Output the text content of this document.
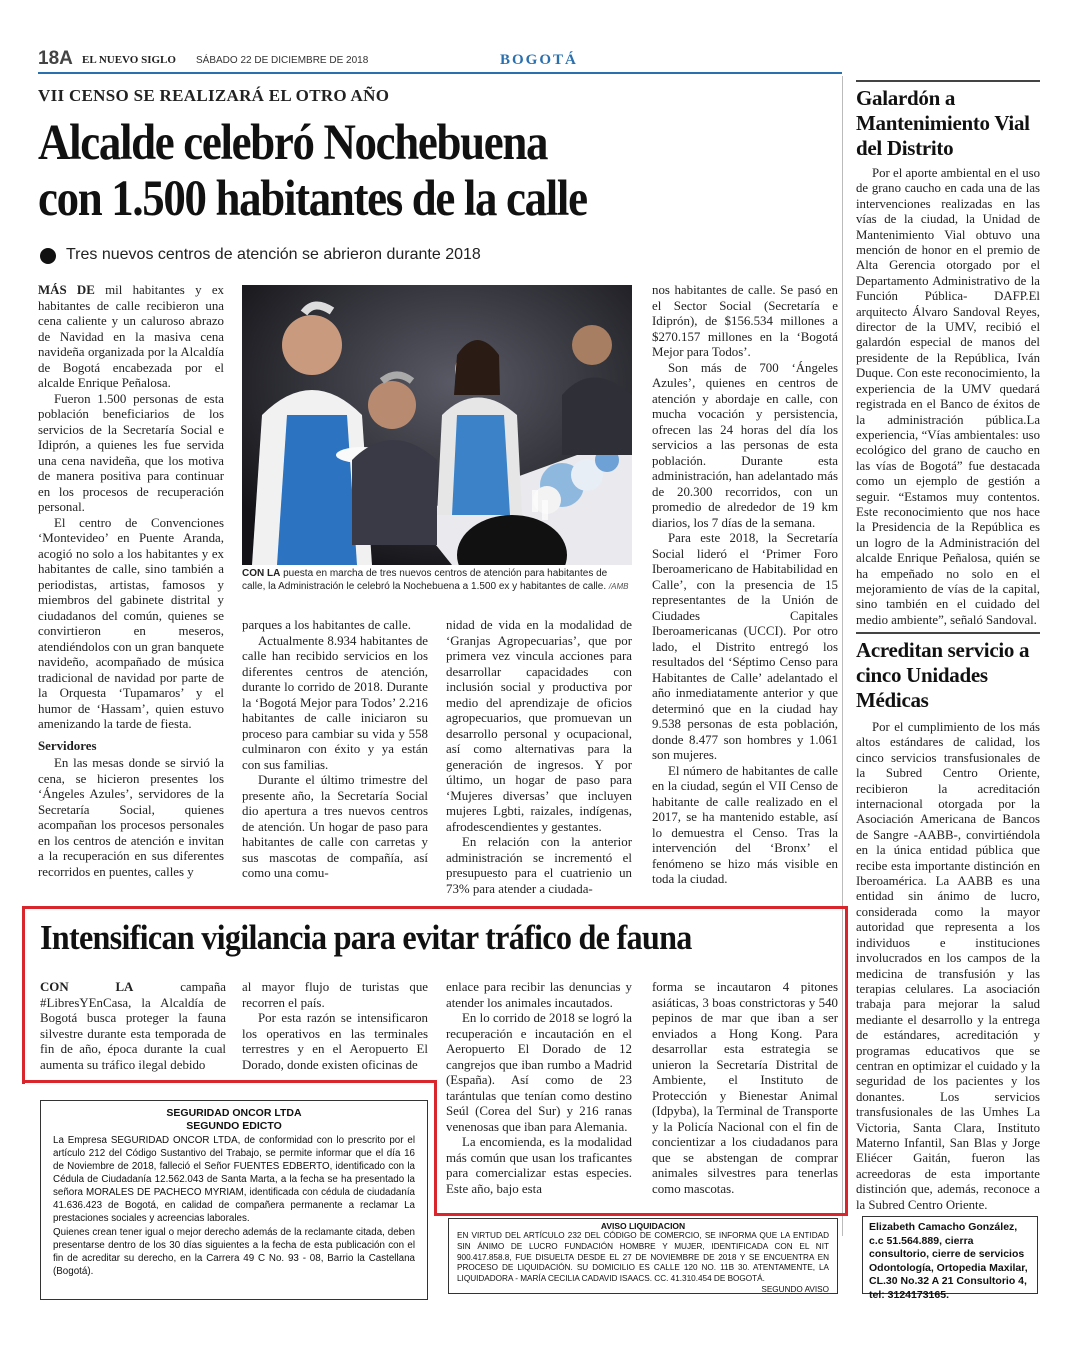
18A EL NUEVO SIGLO SÁBADO 22 DE DICIEMBRE DE 2018	BOGOTÁ
VII CENSO SE REALIZARÁ EL OTRO AÑO
Alcalde celebró Nochebuena
con 1.500 habitantes de la calle
Tres nuevos centros de atención se abrieron durante 2018

MÁS DE mil habitantes y ex habitantes de calle recibieron una cena caliente y un caluroso abrazo de Navidad en la masiva cena navideña organizada por la Alcaldía de Bogotá encabezada por el alcalde Enrique Peñalosa.

Fueron 1.500 personas de esta población beneficiarios de los servicios de la Secretaría Social e Idiprón, a quienes les fue servida una cena navideña, que los motiva de manera positiva para continuar en los procesos de recuperación personal.

El centro de Convenciones ‘Montevideo’ en Puente Aranda, acogió no solo a los habitantes y ex habitantes de calle, sino también a periodistas, artistas, famosos y miembros del gabinete distrital y ciudadanos del común, quienes se convirtieron en meseros, atendiéndolos con un gran banquete navideño, acompañado de música tradicional de navidad por parte de la Orquesta ‘Tupamaros’ y el humor de ‘Hassam’, quien estuvo amenizando la tarde de fiesta.

Servidores

En las mesas donde se sirvió la cena, se hicieron presentes los ‘Ángeles Azules’, servidores de la Secretaría Social, quienes acompañan los procesos personales en los centros de atención e invitan a la recuperación en sus diferentes recorridos en puentes, calles y

CON LA puesta en marcha de tres nuevos centros de atención para habitantes de calle, la Administración le celebró la Nochebuena a 1.500 ex y habitantes de calle. /AMB

parques a los habitantes de calle.

Actualmente 8.934 habitantes de calle han recibido servicios en los diferentes centros de atención, durante lo corrido de 2018. Durante la ‘Bogotá Mejor para Todos’ 2.216 habitantes de calle iniciaron su proceso para cambiar su vida y 558 culminaron con éxito y ya están con sus familias.

Durante el último trimestre del presente año, la Secretaría Social dio apertura a tres nuevos centros de atención. Un hogar de paso para habitantes de calle con carretas y sus mascotas de compañía, así como una comu-

nidad de vida en la modalidad de ‘Granjas Agropecuarias’, que por primera vez vincula acciones para desarrollar capacidades con inclusión social y productiva por medio del aprendizaje de oficios agropecuarios, que promuevan un desarrollo personal y ocupacional, así como alternativas para la generación de ingresos. Y por último, un hogar de paso para ‘Mujeres diversas’ que incluyen mujeres Lgbti, raizales, indígenas, afrodescendientes y gestantes.

En relación con la anterior administración se incrementó el presupuesto para el cuatrienio un 73% para atender a ciudada-

nos habitantes de calle. Se pasó en el Sector Social (Secretaría e Idiprón), de $156.534 millones a $270.157 millones en la ‘Bogotá Mejor para Todos’.

Son más de 700 ‘Ángeles Azules’, quienes en centros de atención y abordaje en calle, con mucha vocación y persistencia, ofrecen las 24 horas del día los servicios a las personas de esta población. Durante esta administración, han adelantado más de 20.300 recorridos, con un promedio de alrededor de 19 km diarios, los 7 días de la semana.

Para este 2018, la Secretaría Social lideró el ‘Primer Foro Iberoamericano de Habitabilidad en Calle’, con la presencia de 15 representantes de la Unión de Ciudades Capitales Iberoamericanas (UCCI). Por otro lado, el Distrito entregó los resultados del ‘Séptimo Censo para Habitantes de Calle’ adelantado el año inmediatamente anterior y que determinó que en la ciudad hay 9.538 personas de esta población, donde 8.477 son hombres y 1.061 son mujeres.

El número de habitantes de calle en la ciudad, según el VII Censo de habitante de calle realizado en el 2017, se ha mantenido estable, así lo demuestra el Censo. Tras la intervención del ‘Bronx’ el fenómeno se hizo más visible en toda la ciudad.

Intensifican vigilancia para evitar tráfico de fauna

CON LA campaña #LibresYEnCasa, la Alcaldía de Bogotá busca proteger la fauna silvestre durante esta temporada de fin de año, época durante la cual aumenta su tráfico ilegal debido

al mayor flujo de turistas que recorren el país.

Por esta razón se intensificaron los operativos en las terminales terrestres y en el Aeropuerto El Dorado, donde existen oficinas de

enlace para recibir las denuncias y atender los animales incautados.

En lo corrido de 2018 se logró la recuperación e incautación en el Aeropuerto El Dorado de 12 cangrejos que iban rumbo a Madrid (España). Así como de 23 tarántulas que tenían como destino Seúl (Corea del Sur) y 216 ranas venenosas que iban para Alemania.

La encomienda, es la modalidad más común que usan los traficantes para comercializar estas especies. Este año, bajo esta

forma se incautaron 4 pitones asiáticas, 3 boas constrictoras y 540 pepinos de mar que iban a ser enviados a Hong Kong. Para desarrollar esta estrategia se unieron la Secretaría Distrital de Ambiente, el Instituto de Protección y Bienestar Animal (Idpyba), la Terminal de Transporte y la Policía Nacional con el fin de concientizar a los ciudadanos para que se abstengan de comprar animales silvestres para tenerlas como mascotas.

Galardón a Mantenimiento Vial del Distrito

Por el aporte ambiental en el uso de grano caucho en cada una de las intervenciones realizadas en las vías de la ciudad, la Unidad de Mantenimiento Vial obtuvo una mención de honor en el premio de Alta Gerencia otorgado por el Departamento Administrativo de la Función Pública- DAFP.El arquitecto Álvaro Sandoval Reyes, director de la UMV, recibió el galardón especial de manos del presidente de la República, Iván Duque. Con este reconocimiento, la experiencia de la UMV quedará registrada en el Banco de éxitos de la administración pública.La experiencia, “Vías ambientales: uso ecológico del grano de caucho en las vías de Bogotá” fue destacada como un ejemplo de gestión a seguir. “Estamos muy contentos. Este reconocimiento que nos hace la Presidencia de la República es un logro de la Administración del alcalde Enrique Peñalosa, quién se ha empeñado no solo en el mejoramiento de vías de la capital, sino también en el cuidado del medio ambiente”, señaló Sandoval.

Acreditan servicio a cinco Unidades Médicas

Por el cumplimiento de los más altos estándares de calidad, los cinco servicios transfusionales de la Subred Centro Oriente, recibieron la acreditación internacional otorgada por la Asociación Americana de Bancos de Sangre -AABB-, convirtiéndola en la única entidad pública que recibe esta importante distinción en Iberoamérica. La AABB es una entidad sin ánimo de lucro, considerada como la mayor autoridad que representa a los individuos e instituciones involucrados en los campos de la medicina de transfusión y las terapias celulares. La asociación trabaja para mejorar la salud mediante el desarrollo y la entrega de estándares, acreditación y programas educativos que se centran en optimizar el cuidado y la seguridad de los pacientes y los donantes. Los servicios transfusionales de las Umhes La Victoria, Santa Clara, Instituto Materno Infantil, San Blas y Jorge Eliécer Gaitán, fueron las acreedoras de esta importante distinción que, además, reconoce a la Subred Centro Oriente.

SEGURIDAD ONCOR LTDA
SEGUNDO EDICTO
La Empresa SEGURIDAD ONCOR LTDA, de conformidad con lo prescrito por el artículo 212 del Código Sustantivo del Trabajo, se permite informar que el día 16 de Noviembre de 2018, falleció el Señor FUENTES EDBERTO, identificado con la Cédula de Ciudadanía 12.562.043 de Santa Marta, a la fecha se ha presentado la señora MORALES DE PACHECO MYRIAM, identificada con cédula de ciudadanía 41.636.423 de Bogotá, en calidad de compañera permanente a reclamar La prestaciones sociales y acreencias laborales.
Quienes crean tener igual o mejor derecho además de la reclamante citada, deben presentarse dentro de los 30 días siguientes a la fecha de esta publicación con el fin de acreditar su derecho, en la Carrera 49 C No. 93 - 08, Barrio la Castellana (Bogotá).
AVISO LIQUIDACION
EN VIRTUD DEL ARTÍCULO 232 DEL CÓDIGO DE COMERCIO, SE INFORMA QUE LA ENTIDAD SIN ÁNIMO DE LUCRO FUNDACIÓN HOMBRE Y MUJER, IDENTIFICADA CON EL NIT 900.417.858.8, FUE DISUELTA DESDE EL 27 DE NOVIEMBRE DE 2018 Y SE ENCUENTRA EN PROCESO DE LIQUIDACIÓN. SU DOMICILIO ES CALLE 120 NO. 11B 30. ATENTAMENTE, LA LIQUIDADORA - MARÍA CECILIA CADAVID ISAACS. CC. 41.310.454 DE BOGOTÁ.
SEGUNDO AVISO
Elizabeth Camacho González, c.c 51.564.889, cierra consultorio, cierre de servicios Odontología, Ortopedia Maxilar, CL.30 No.32 A 21 Consultorio 4, tel: 3124173165.
